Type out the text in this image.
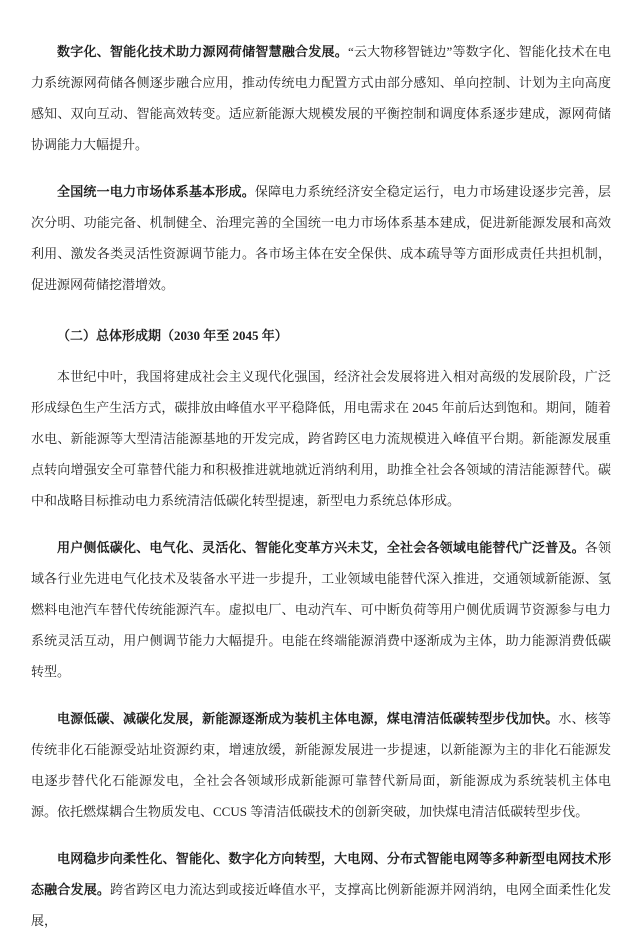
数字化、智能化技术助力源网荷储智慧融合发展。“云大物移智链边”等数字化、智能化技术在电力系统源网荷储各侧逐步融合应用，推动传统电力配置方式由部分感知、单向控制、计划为主向高度感知、双向互动、智能高效转变。适应新能源大规模发展的平衡控制和调度体系逐步建成，源网荷储协调能力大幅提升。

全国统一电力市场体系基本形成。保障电力系统经济安全稳定运行，电力市场建设逐步完善，层次分明、功能完备、机制健全、治理完善的全国统一电力市场体系基本建成，促进新能源发展和高效利用、激发各类灵活性资源调节能力。各市场主体在安全保供、成本疏导等方面形成责任共担机制，促进源网荷储挖潜增效。

（二）总体形成期（2030 年至 2045 年）

本世纪中叶，我国将建成社会主义现代化强国，经济社会发展将进入相对高级的发展阶段，广泛形成绿色生产生活方式，碳排放由峰值水平平稳降低，用电需求在 2045 年前后达到饱和。期间，随着水电、新能源等大型清洁能源基地的开发完成，跨省跨区电力流规模进入峰值平台期。新能源发展重点转向增强安全可靠替代能力和积极推进就地就近消纳利用，助推全社会各领域的清洁能源替代。碳中和战略目标推动电力系统清洁低碳化转型提速，新型电力系统总体形成。

用户侧低碳化、电气化、灵活化、智能化变革方兴未艾，全社会各领域电能替代广泛普及。各领域各行业先进电气化技术及装备水平进一步提升，工业领域电能替代深入推进，交通领域新能源、氢燃料电池汽车替代传统能源汽车。虚拟电厂、电动汽车、可中断负荷等用户侧优质调节资源参与电力系统灵活互动，用户侧调节能力大幅提升。电能在终端能源消费中逐渐成为主体，助力能源消费低碳转型。

电源低碳、减碳化发展，新能源逐渐成为装机主体电源，煤电清洁低碳转型步伐加快。水、核等传统非化石能源受站址资源约束，增速放缓，新能源发展进一步提速，以新能源为主的非化石能源发电逐步替代化石能源发电，全社会各领域形成新能源可靠替代新局面，新能源成为系统装机主体电源。依托燃煤耦合生物质发电、CCUS 等清洁低碳技术的创新突破，加快煤电清洁低碳转型步伐。

电网稳步向柔性化、智能化、数字化方向转型，大电网、分布式智能电网等多种新型电网技术形态融合发展。跨省跨区电力流达到或接近峰值水平，支撑高比例新能源并网消纳，电网全面柔性化发展，
